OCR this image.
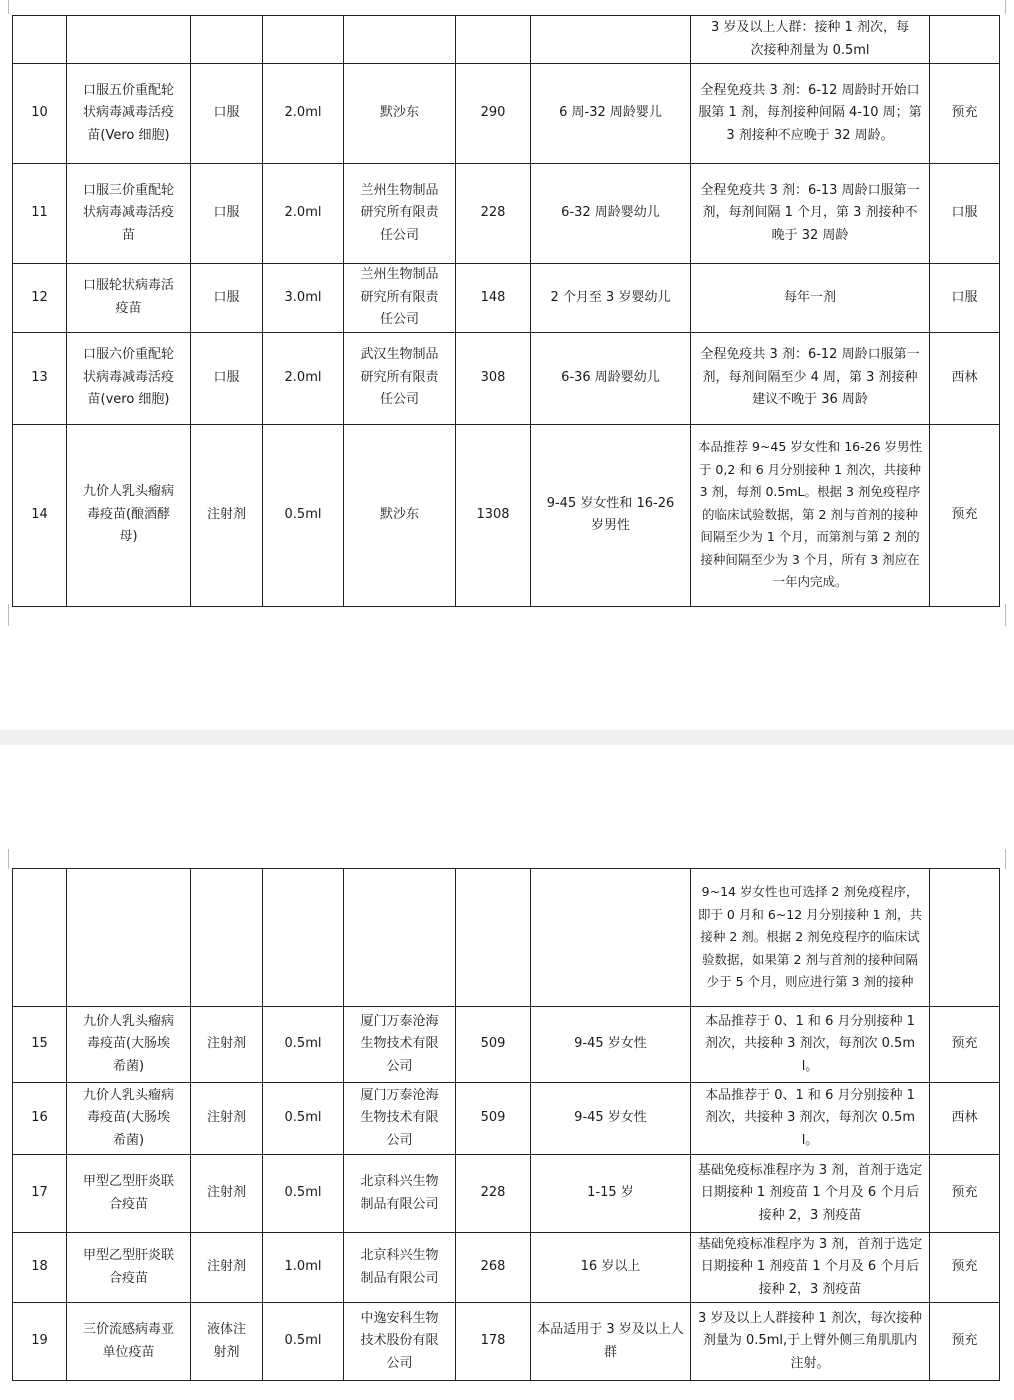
							3 岁及以上人群：接种 1 剂次，每次接种剂量为 0.5ml	
10	口服五价重配轮状病毒减毒活疫苗(Vero 细胞)	口服	2.0ml	默沙东	290	6 周-32 周龄婴儿	全程免疫共 3 剂：6-12 周龄时开始口服第 1 剂，每剂接种间隔 4-10 周；第 3 剂接种不应晚于 32 周龄。	预充
11	口服三价重配轮状病毒减毒活疫苗	口服	2.0ml	兰州生物制品研究所有限责任公司	228	6-32 周龄婴幼儿	全程免疫共 3 剂：6-13 周龄口服第一剂，每剂间隔 1 个月，第 3 剂接种不晚于 32 周龄	口服
12	口服轮状病毒活疫苗	口服	3.0ml	兰州生物制品研究所有限责任公司	148	2 个月至 3 岁婴幼儿	每年一剂	口服
13	口服六价重配轮状病毒减毒活疫苗(vero 细胞)	口服	2.0ml	武汉生物制品研究所有限责任公司	308	6-36 周龄婴幼儿	全程免疫共 3 剂：6-12 周龄口服第一剂，每剂间隔至少 4 周，第 3 剂接种建议不晚于 36 周龄	西林
14	九价人乳头瘤病毒疫苗(酿酒酵母)	注射剂	0.5ml	默沙东	1308	9-45 岁女性和 16-26 岁男性	本品推荐 9~45 岁女性和 16-26 岁男性于 0,2 和 6 月分别接种 1 剂次，共接种 3 剂，每剂 0.5mL。根据 3 剂免疫程序的临床试验数据，第 2 剂与首剂的接种间隔至少为 1 个月，而第剂与第 2 剂的接种间隔至少为 3 个月，所有 3 剂应在一年内完成。	预充
							9~14 岁女性也可选择 2 剂免疫程序，即于 0 月和 6~12 月分别接种 1 剂，共接种 2 剂。根据 2 剂免疫程序的临床试验数据，如果第 2 剂与首剂的接种间隔少于 5 个月，则应进行第 3 剂的接种	
15	九价人乳头瘤病毒疫苗(大肠埃希菌)	注射剂	0.5ml	厦门万泰沧海生物技术有限公司	509	9-45 岁女性	本品推荐于 0、1 和 6 月分别接种 1 剂次，共接种 3 剂次，每剂次 0.5ml。	预充
16	九价人乳头瘤病毒疫苗(大肠埃希菌)	注射剂	0.5ml	厦门万泰沧海生物技术有限公司	509	9-45 岁女性	本品推荐于 0、1 和 6 月分别接种 1 剂次，共接种 3 剂次，每剂次 0.5ml。	西林
17	甲型乙型肝炎联合疫苗	注射剂	0.5ml	北京科兴生物制品有限公司	228	1-15 岁	基础免疫标准程序为 3 剂，首剂于选定日期接种 1 剂疫苗 1 个月及 6 个月后接种 2，3 剂疫苗	预充
18	甲型乙型肝炎联合疫苗	注射剂	1.0ml	北京科兴生物制品有限公司	268	16 岁以上	基础免疫标准程序为 3 剂，首剂于选定日期接种 1 剂疫苗 1 个月及 6 个月后接种 2，3 剂疫苗	预充
19	三价流感病毒亚单位疫苗	液体注射剂	0.5ml	中逸安科生物技术股份有限公司	178	本品适用于 3 岁及以上人群	3 岁及以上人群接种 1 剂次，每次接种剂量为 0.5ml,于上臂外侧三角肌肌内注射。	预充
